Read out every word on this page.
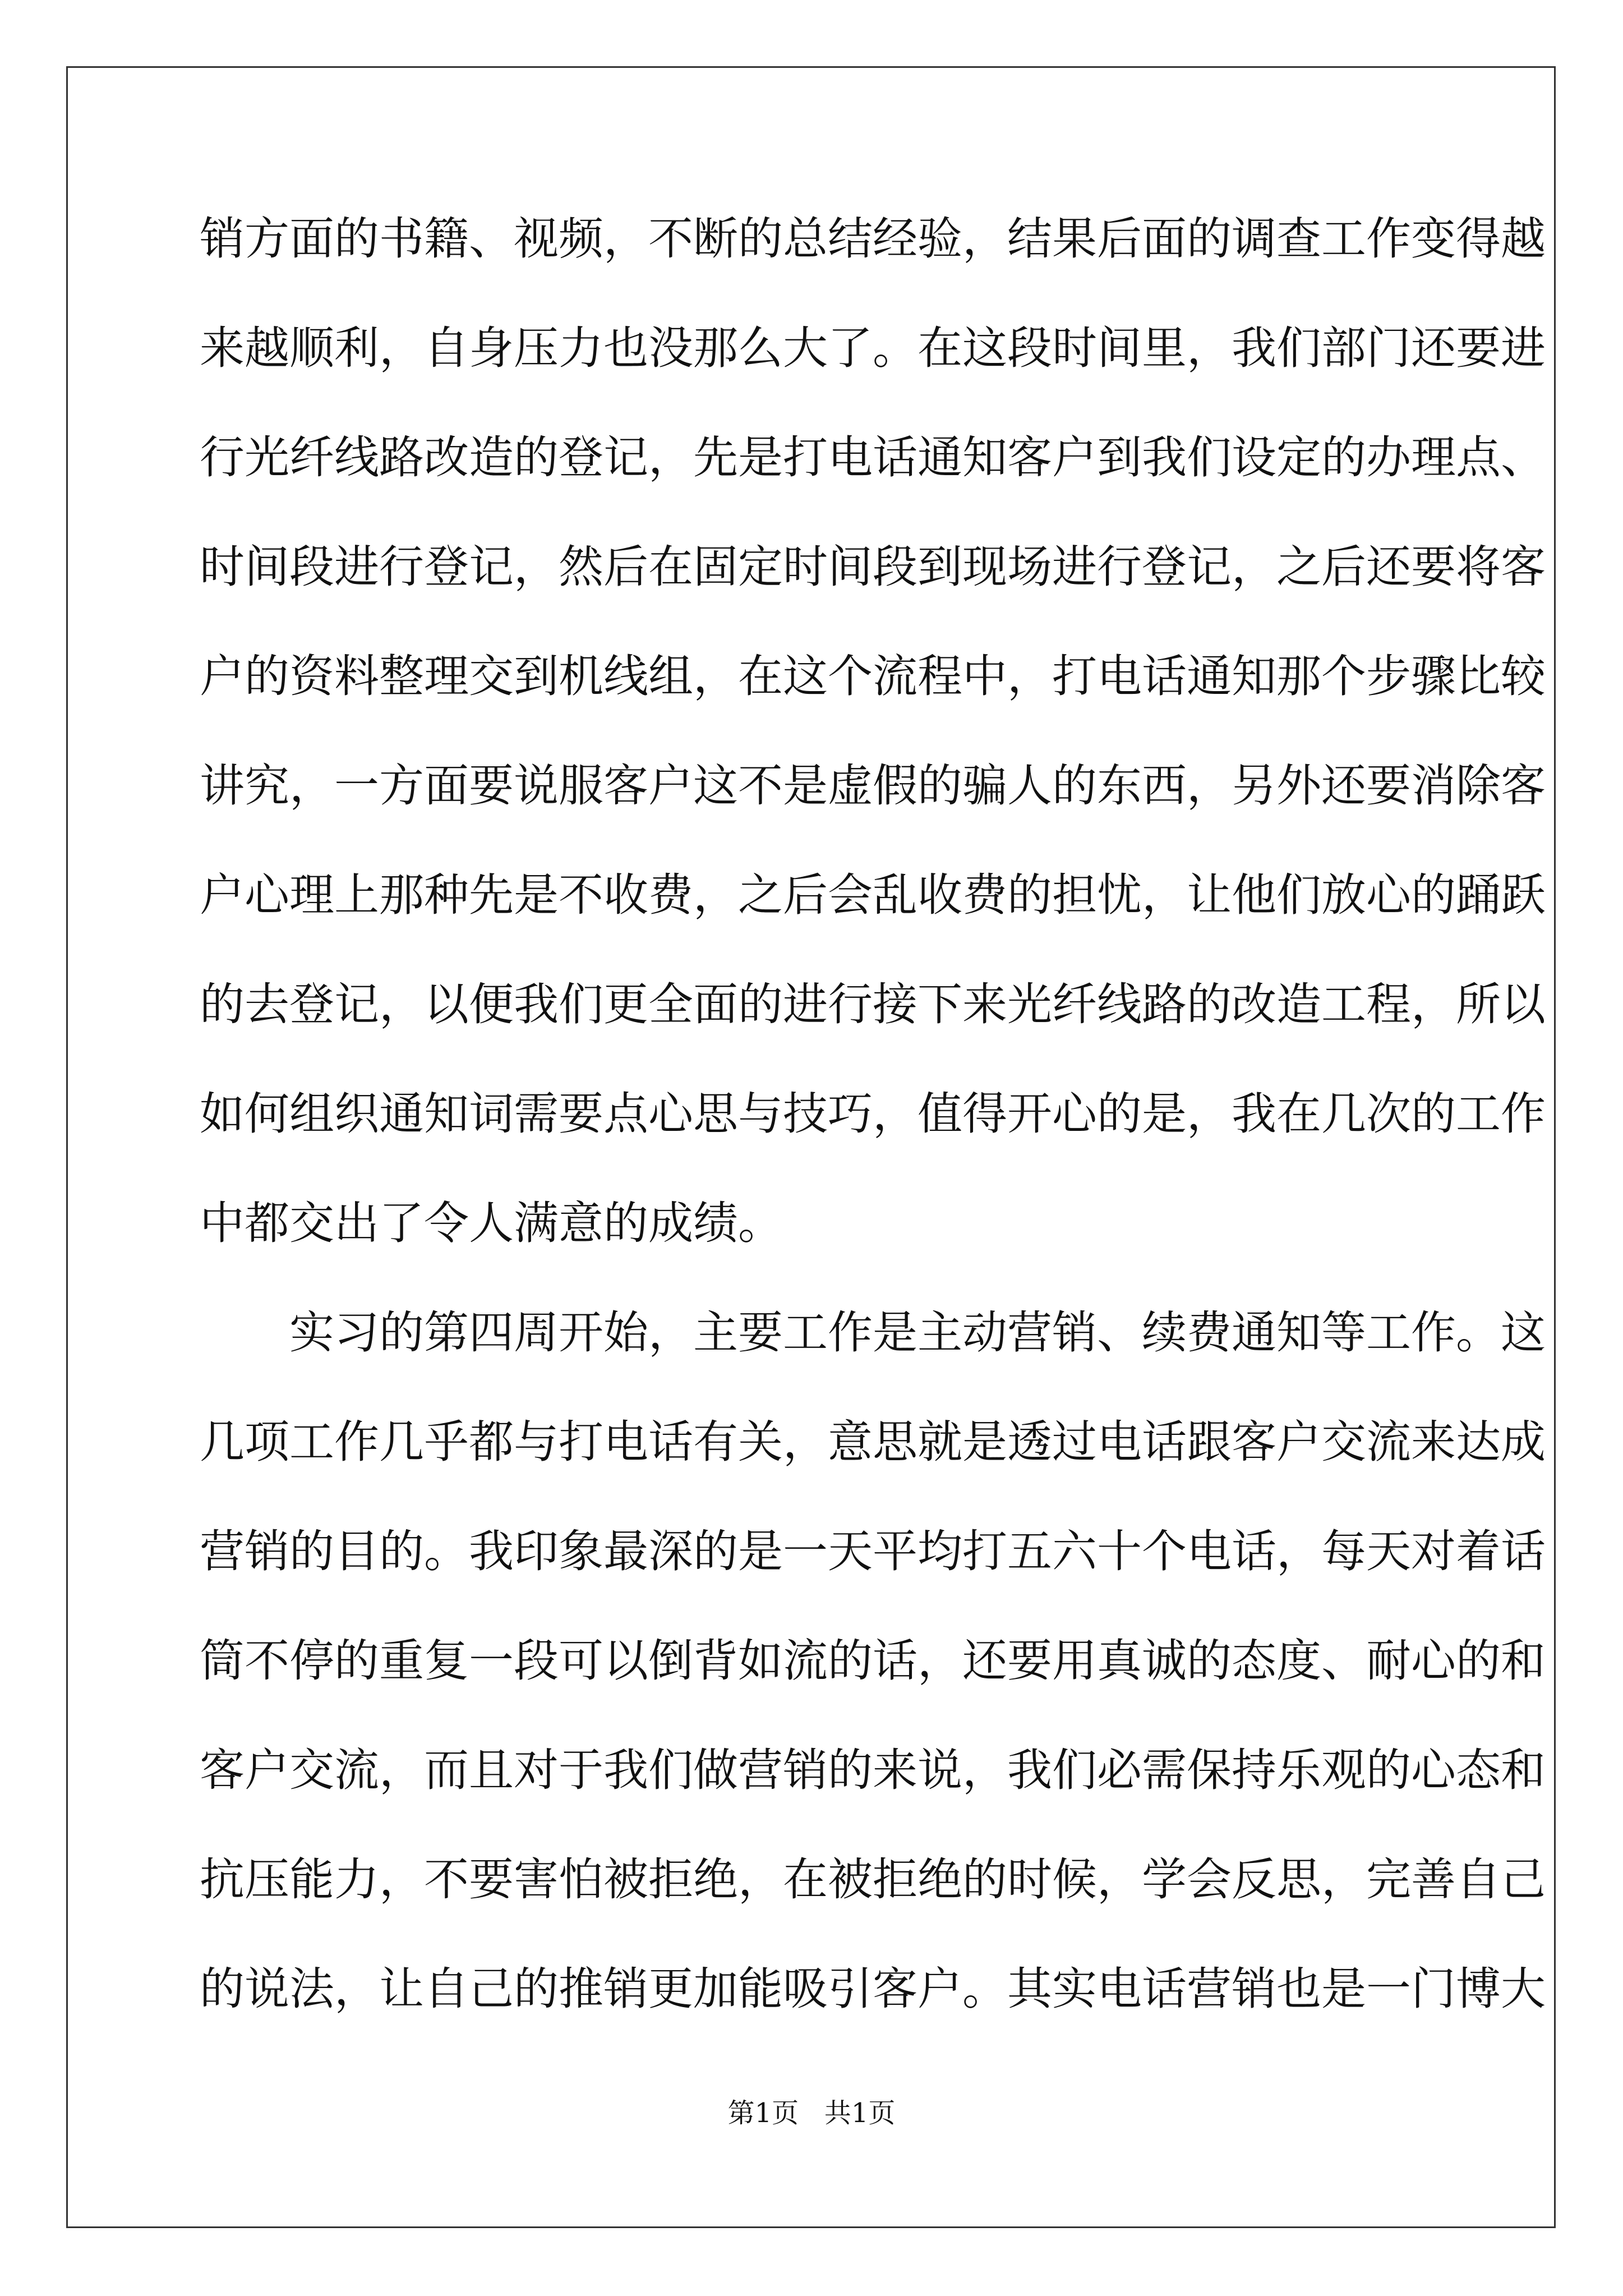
销方面的书籍、视频，不断的总结经验，结果后面的调查工作变得越
来越顺利，自身压力也没那么大了。在这段时间里，我们部门还要进
行光纤线路改造的登记，先是打电话通知客户到我们设定的办理点、
时间段进行登记，然后在固定时间段到现场进行登记，之后还要将客
户的资料整理交到机线组，在这个流程中，打电话通知那个步骤比较
讲究，一方面要说服客户这不是虚假的骗人的东西，另外还要消除客
户心理上那种先是不收费，之后会乱收费的担忧，让他们放心的踊跃
的去登记，以便我们更全面的进行接下来光纤线路的改造工程，所以
如何组织通知词需要点心思与技巧，值得开心的是，我在几次的工作
中都交出了令人满意的成绩。
　　实习的第四周开始，主要工作是主动营销、续费通知等工作。这
几项工作几乎都与打电话有关，意思就是透过电话跟客户交流来达成
营销的目的。我印象最深的是一天平均打五六十个电话，每天对着话
筒不停的重复一段可以倒背如流的话，还要用真诚的态度、耐心的和
客户交流，而且对于我们做营销的来说，我们必需保持乐观的心态和
抗压能力，不要害怕被拒绝，在被拒绝的时候，学会反思，完善自己
的说法，让自己的推销更加能吸引客户。其实电话营销也是一门博大
第1页   共1页
